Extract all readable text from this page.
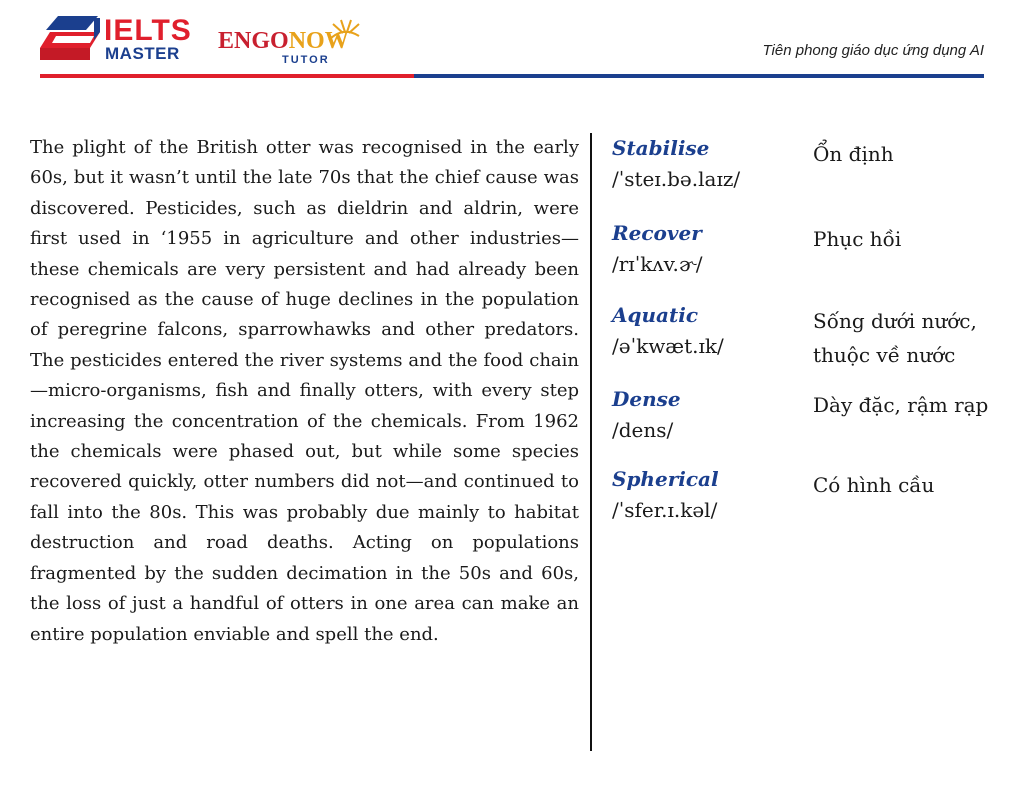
IELTS
MASTER ENGONOW
TUTOR
Tiên phong giáo dục ứng dụng AI
The plight of the British otter was recognised in the early 60s, but it wasn’t until the late 70s that the chief cause was discovered. Pesticides, such as dieldrin and aldrin, were first used in ‘1955 in agriculture and other industries—these chemicals are very persistent and had already been recognised as the cause of huge declines in the population of peregrine falcons, sparrowhawks and other predators. The pesticides entered the river systems and the food chain—micro-organisms, fish and finally otters, with every step increasing the concentration of the chemicals. From 1962 the chemicals were phased out, but while some species recovered quickly, otter numbers did not—and continued to fall into the 80s. This was probably due mainly to habitat destruction and road deaths. Acting on populations fragmented by the sudden decimation in the 50s and 60s, the loss of just a handful of otters in one area can make an entire population enviable and spell the end.
Stabilise
/ˈsteɪ.bə.laɪz/
Ổn định
Recover
/rɪˈkʌv.ɚ/
Phục hồi
Aquatic
/əˈkwæt.ɪk/
Sống dưới nước, thuộc về nước
Dense
/dens/
Dày đặc, rậm rạp
Spherical
/ˈsfer.ɪ.kəl/
Có hình cầu
